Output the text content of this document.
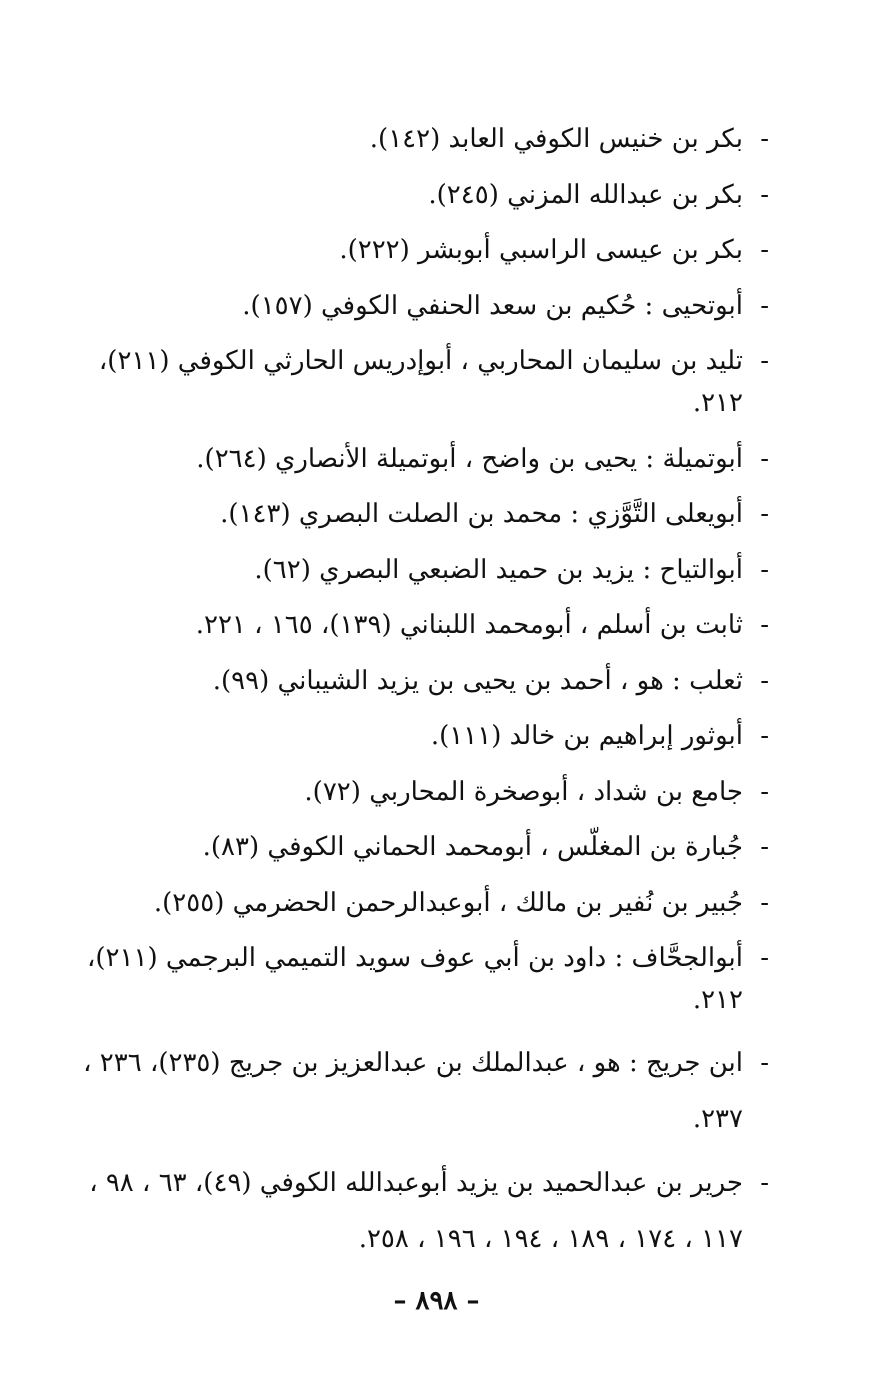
-
بكر بن خنيس الكوفي العابد (١٤٢).
-
بكر بن عبدالله المزني (٢٤٥).
-
بكر بن عيسى الراسبي أبوبشر (٢٢٢).
-
أبوتحيى : حُكيم بن سعد الحنفي الكوفي (١٥٧).
-
تليد بن سليمان المحاربي ، أبوإدريس الحارثي الكوفي (٢١١)، ٢١٢.
-
أبوتميلة : يحيى بن واضح ، أبوتميلة الأنصاري (٢٦٤).
-
أبويعلى التَّوَّزي : محمد بن الصلت البصري (١٤٣).
-
أبوالتياح : يزيد بن حميد الضبعي البصري (٦٢).
-
ثابت بن أسلم ، أبومحمد اللبناني (١٣٩)، ١٦٥ ، ٢٢١.
-
ثعلب : هو ، أحمد بن يحيى بن يزيد الشيباني (٩٩).
-
أبوثور إبراهيم بن خالد (١١١).
-
جامع بن شداد ، أبوصخرة المحاربي (٧٢).
-
جُبارة بن المغلّس ، أبومحمد الحماني الكوفي (٨٣).
-
جُبير بن نُفير بن مالك ، أبوعبدالرحمن الحضرمي (٢٥٥).
-
أبوالجحَّاف : داود بن أبي عوف سويد التميمي البرجمي (٢١١)، ٢١٢.
-
ابن جريج : هو ، عبدالملك بن عبدالعزيز بن جريج (٢٣٥)، ٢٣٦ ، ٢٣٧.
-
جرير بن عبدالحميد بن يزيد أبوعبدالله الكوفي (٤٩)، ٦٣ ، ٩٨ ، ١١٧ ، ١٧٤ ، ١٨٩ ، ١٩٤ ، ١٩٦ ، ٢٥٨.
– ٨٩٨ –
